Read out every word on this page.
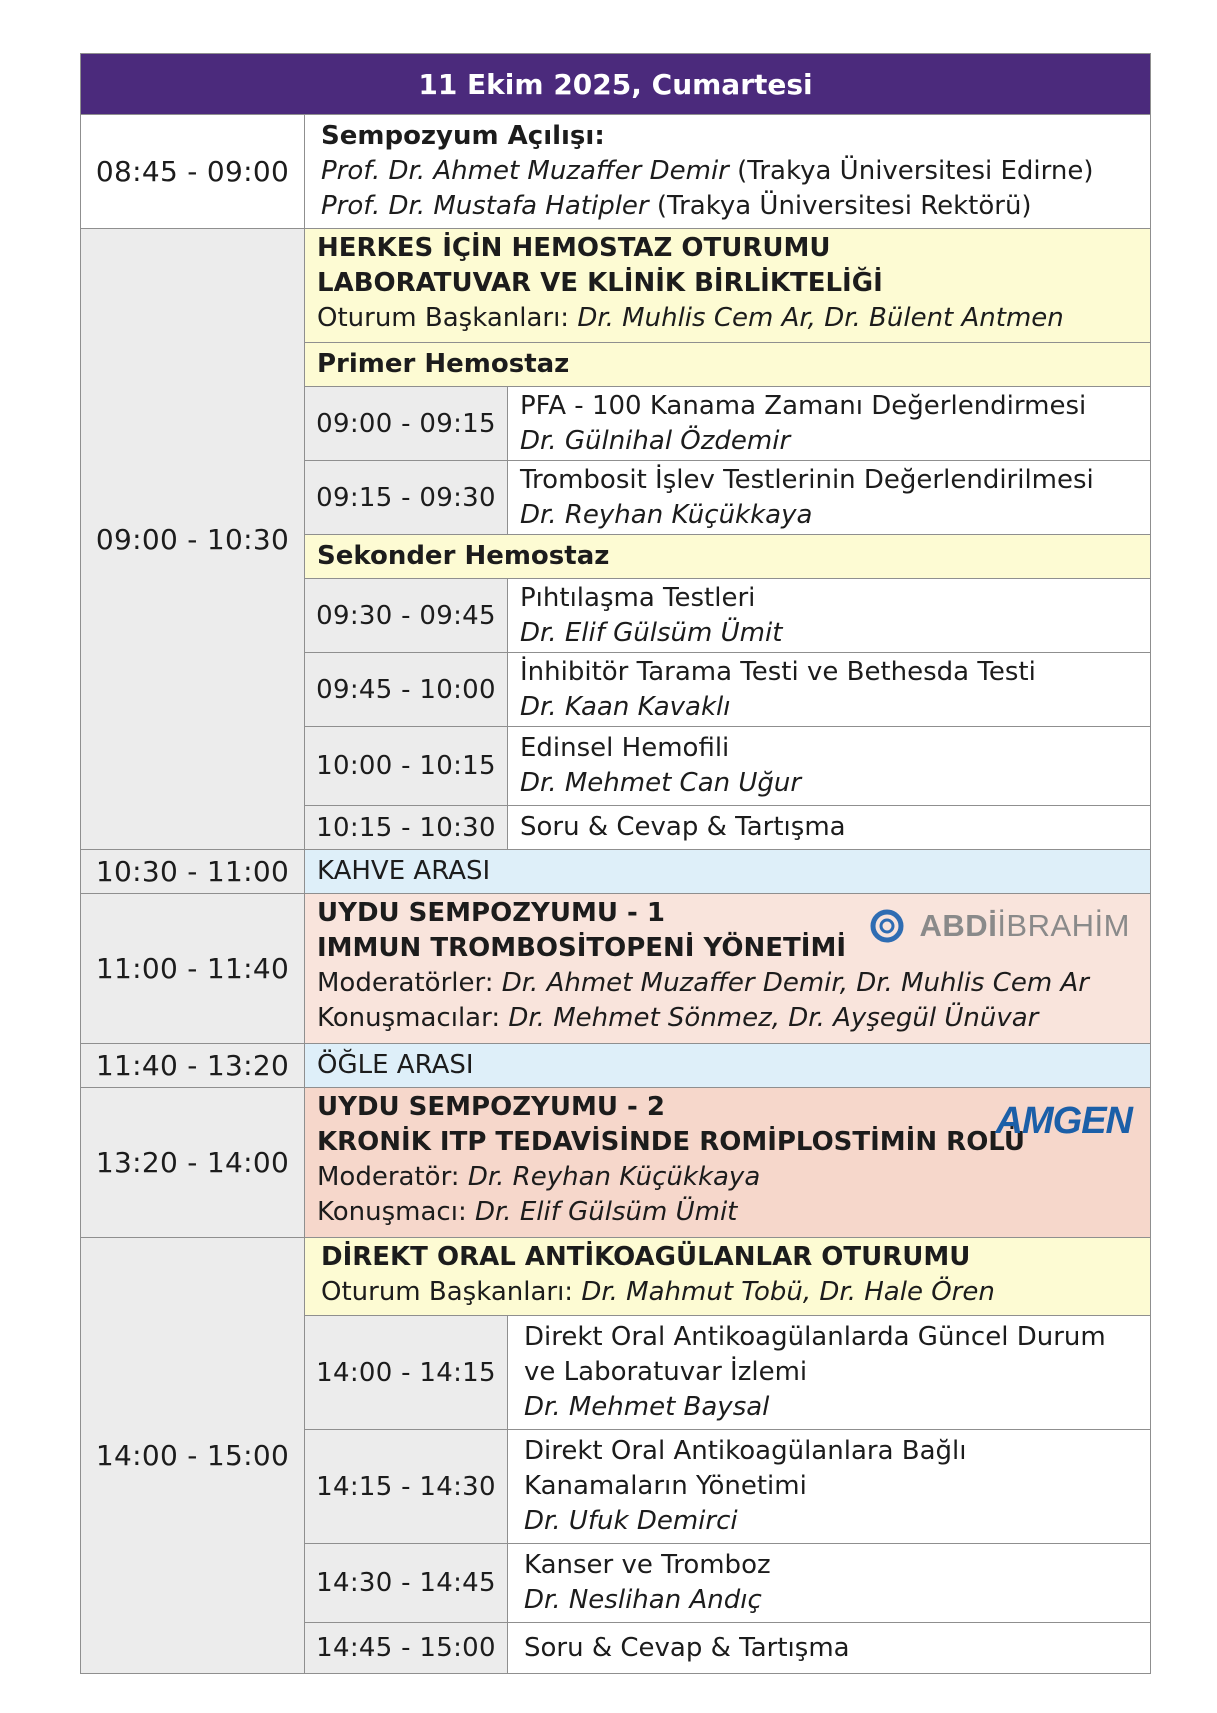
11 Ekim 2025, Cumartesi
08:45 - 09:00
Sempozyum Açılışı:
Prof. Dr. Ahmet Muzaffer Demir (Trakya Üniversitesi Edirne)
Prof. Dr. Mustafa Hatipler (Trakya Üniversitesi Rektörü)
09:00 - 10:30
HERKES İÇİN HEMOSTAZ OTURUMU
LABORATUVAR VE KLİNİK BİRLİKTELİĞİ
Oturum Başkanları: Dr. Muhlis Cem Ar, Dr. Bülent Antmen
Primer Hemostaz
09:00 - 09:15
PFA - 100 Kanama Zamanı Değerlendirmesi
Dr. Gülnihal Özdemir
09:15 - 09:30
Trombosit İşlev Testlerinin Değerlendirilmesi
Dr. Reyhan Küçükkaya
Sekonder Hemostaz
09:30 - 09:45
Pıhtılaşma Testleri
Dr. Elif Gülsüm Ümit
09:45 - 10:00
İnhibitör Tarama Testi ve Bethesda Testi
Dr. Kaan Kavaklı
10:00 - 10:15
Edinsel Hemofili
Dr. Mehmet Can Uğur
10:15 - 10:30 Soru & Cevap & Tartışma
10:30 - 11:00 KAHVE ARASI
11:00 - 11:40
UYDU SEMPOZYUMU - 1
IMMUN TROMBOSİTOPENİ YÖNETİMİ
Moderatörler: Dr. Ahmet Muzaffer Demir, Dr. Muhlis Cem Ar
Konuşmacılar: Dr. Mehmet Sönmez, Dr. Ayşegül Ünüvar
ABDİİBRAHİM
11:40 - 13:20 ÖĞLE ARASI
13:20 - 14:00
UYDU SEMPOZYUMU - 2
KRONİK ITP TEDAVİSİNDE ROMİPLOSTİMİN ROLÜ
Moderatör: Dr. Reyhan Küçükkaya
Konuşmacı: Dr. Elif Gülsüm Ümit
AMGEN
14:00 - 15:00
DİREKT ORAL ANTİKOAGÜLANLAR OTURUMU
Oturum Başkanları: Dr. Mahmut Tobü, Dr. Hale Ören
14:00 - 14:15
Direkt Oral Antikoagülanlarda Güncel Durum
ve Laboratuvar İzlemi
Dr. Mehmet Baysal
14:15 - 14:30
Direkt Oral Antikoagülanlara Bağlı
Kanamaların Yönetimi
Dr. Ufuk Demirci
14:30 - 14:45
Kanser ve Tromboz
Dr. Neslihan Andıç
14:45 - 15:00 Soru & Cevap & Tartışma
